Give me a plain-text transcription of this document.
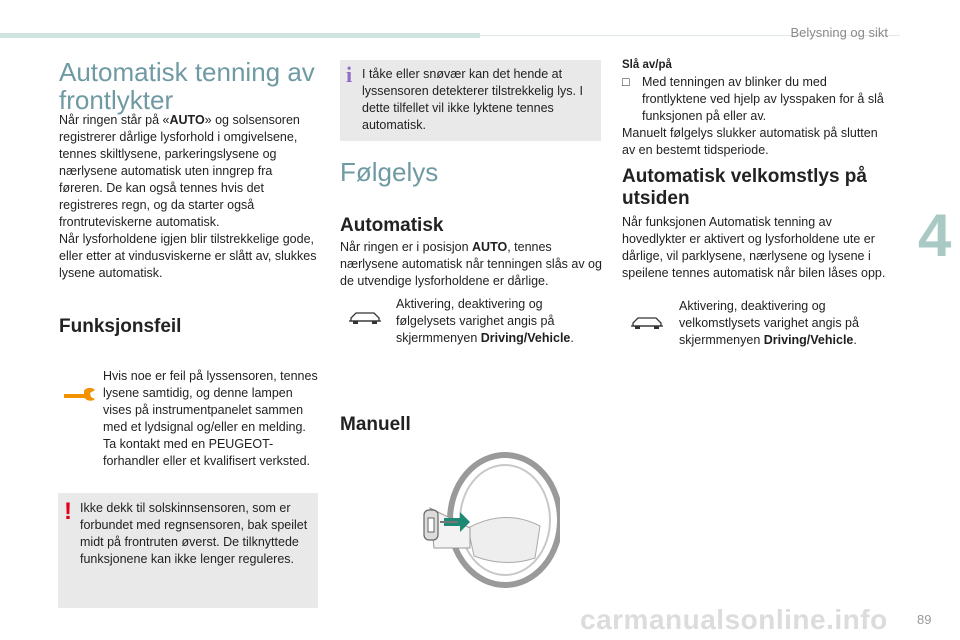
Belysning og sikt
4
89
carmanualsonline.info
Automatisk tenning av
frontlykter
Når ringen står på «AUTO» og solsensoren registrerer dårlige lysforhold i omgivelsene, tennes skiltlysene, parkeringslysene og nærlysene automatisk uten inngrep fra føreren. De kan også tennes hvis det registreres regn, og da starter også frontruteviskerne automatisk.
Når lysforholdene igjen blir tilstrekkelige gode, eller etter at vindusviskerne er slått av, slukkes lysene automatisk.
Funksjonsfeil
Hvis noe er feil på lyssensoren, tennes lysene samtidig, og denne lampen vises på instrumentpanelet sammen med et lydsignal og/eller en melding.
Ta kontakt med en PEUGEOT-forhandler eller et kvalifisert verksted.
! Ikke dekk til solskinnsensoren, som er forbundet med regnsensoren, bak speilet midt på frontruten øverst. De tilknyttede funksjonene kan ikke lenger reguleres.
i I tåke eller snøvær kan det hende at lyssensoren detekterer tilstrekkelig lys. I dette tilfellet vil ikke lyktene tennes automatisk.
Følgelys
Automatisk
Når ringen er i posisjon AUTO, tennes nærlysene automatisk når tenningen slås av og de utvendige lysforholdene er dårlige.
Aktivering, deaktivering og følgelysets varighet angis på skjermmenyen Driving/Vehicle.
Manuell
Slå av/på
□ Med tenningen av blinker du med frontlyktene ved hjelp av lysspaken for å slå funksjonen på eller av.
Manuelt følgelys slukker automatisk på slutten av en bestemt tidsperiode.
Automatisk velkomstlys på
utsiden
Når funksjonen Automatisk tenning av hovedlykter er aktivert og lysforholdene ute er dårlige, vil parklysene, nærlysene og lysene i speilene tennes automatisk når bilen låses opp.
Aktivering, deaktivering og velkomstlysets varighet angis på skjermmenyen Driving/Vehicle.
